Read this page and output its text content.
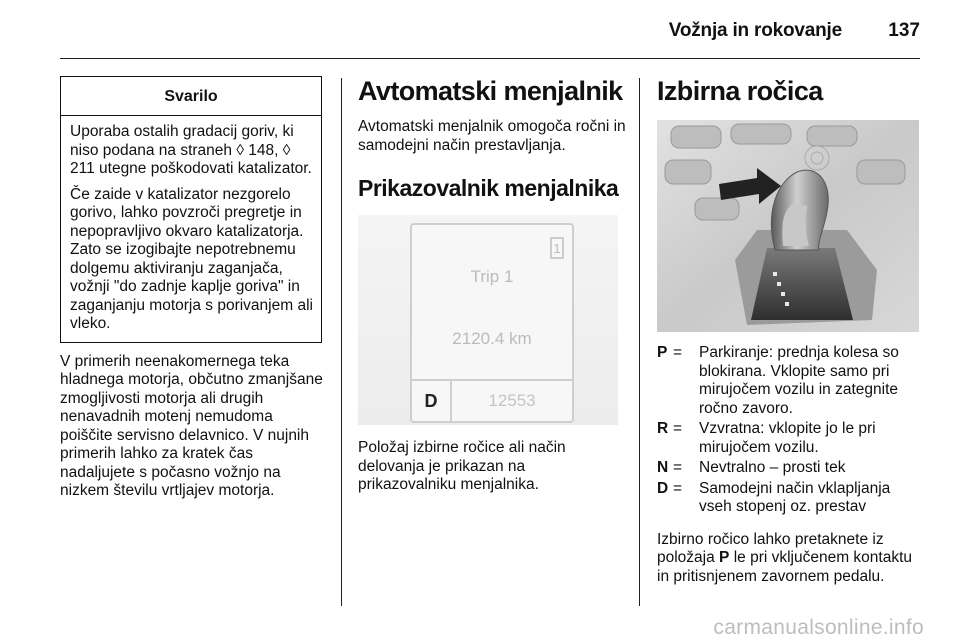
Vožnja in rokovanje 137
Svarilo

Uporaba ostalih gradacij goriv, ki niso podana na straneh ◊ 148, ◊ 211 utegne poškodovati katalizator.

Če zaide v katalizator nezgorelo gorivo, lahko povzroči pregretje in nepopravljivo okvaro katalizatorja. Zato se izogibajte nepotrebnemu dolgemu aktiviranju zaganjača, vožnji "do zadnje kaplje goriva" in zaganjanju motorja s porivanjem ali vleko.

V primerih neenakomernega teka hladnega motorja, občutno zmanjšane zmogljivosti motorja ali drugih nenavadnih motenj nemudoma poiščite servisno delavnico. V nujnih primerih lahko za kratek čas nadaljujete s počasno vožnjo na nizkem številu vrtljajev motorja.
Avtomatski menjalnik

Avtomatski menjalnik omogoča ročni in samodejni način prestavljanja.

Prikazovalnik menjalnika
1
Trip 1
2120.4 km
D	12553

Položaj izbirne ročice ali način delovanja je prikazan na prikazovalniku menjalnika.

Izbirna ročica
P =	Parkiranje: prednja kolesa so blokirana. Vklopite samo pri mirujočem vozilu in zategnite ročno zavoro.
R =	Vzvratna: vklopite jo le pri mirujočem vozilu.
N =	Nevtralno – prosti tek
D =	Samodejni način vklapljanja vseh stopenj oz. prestav
Izbirno ročico lahko pretaknete iz položaja P le pri vključenem kontaktu in pritisnjenem zavornem pedalu.
carmanualsonline.info
